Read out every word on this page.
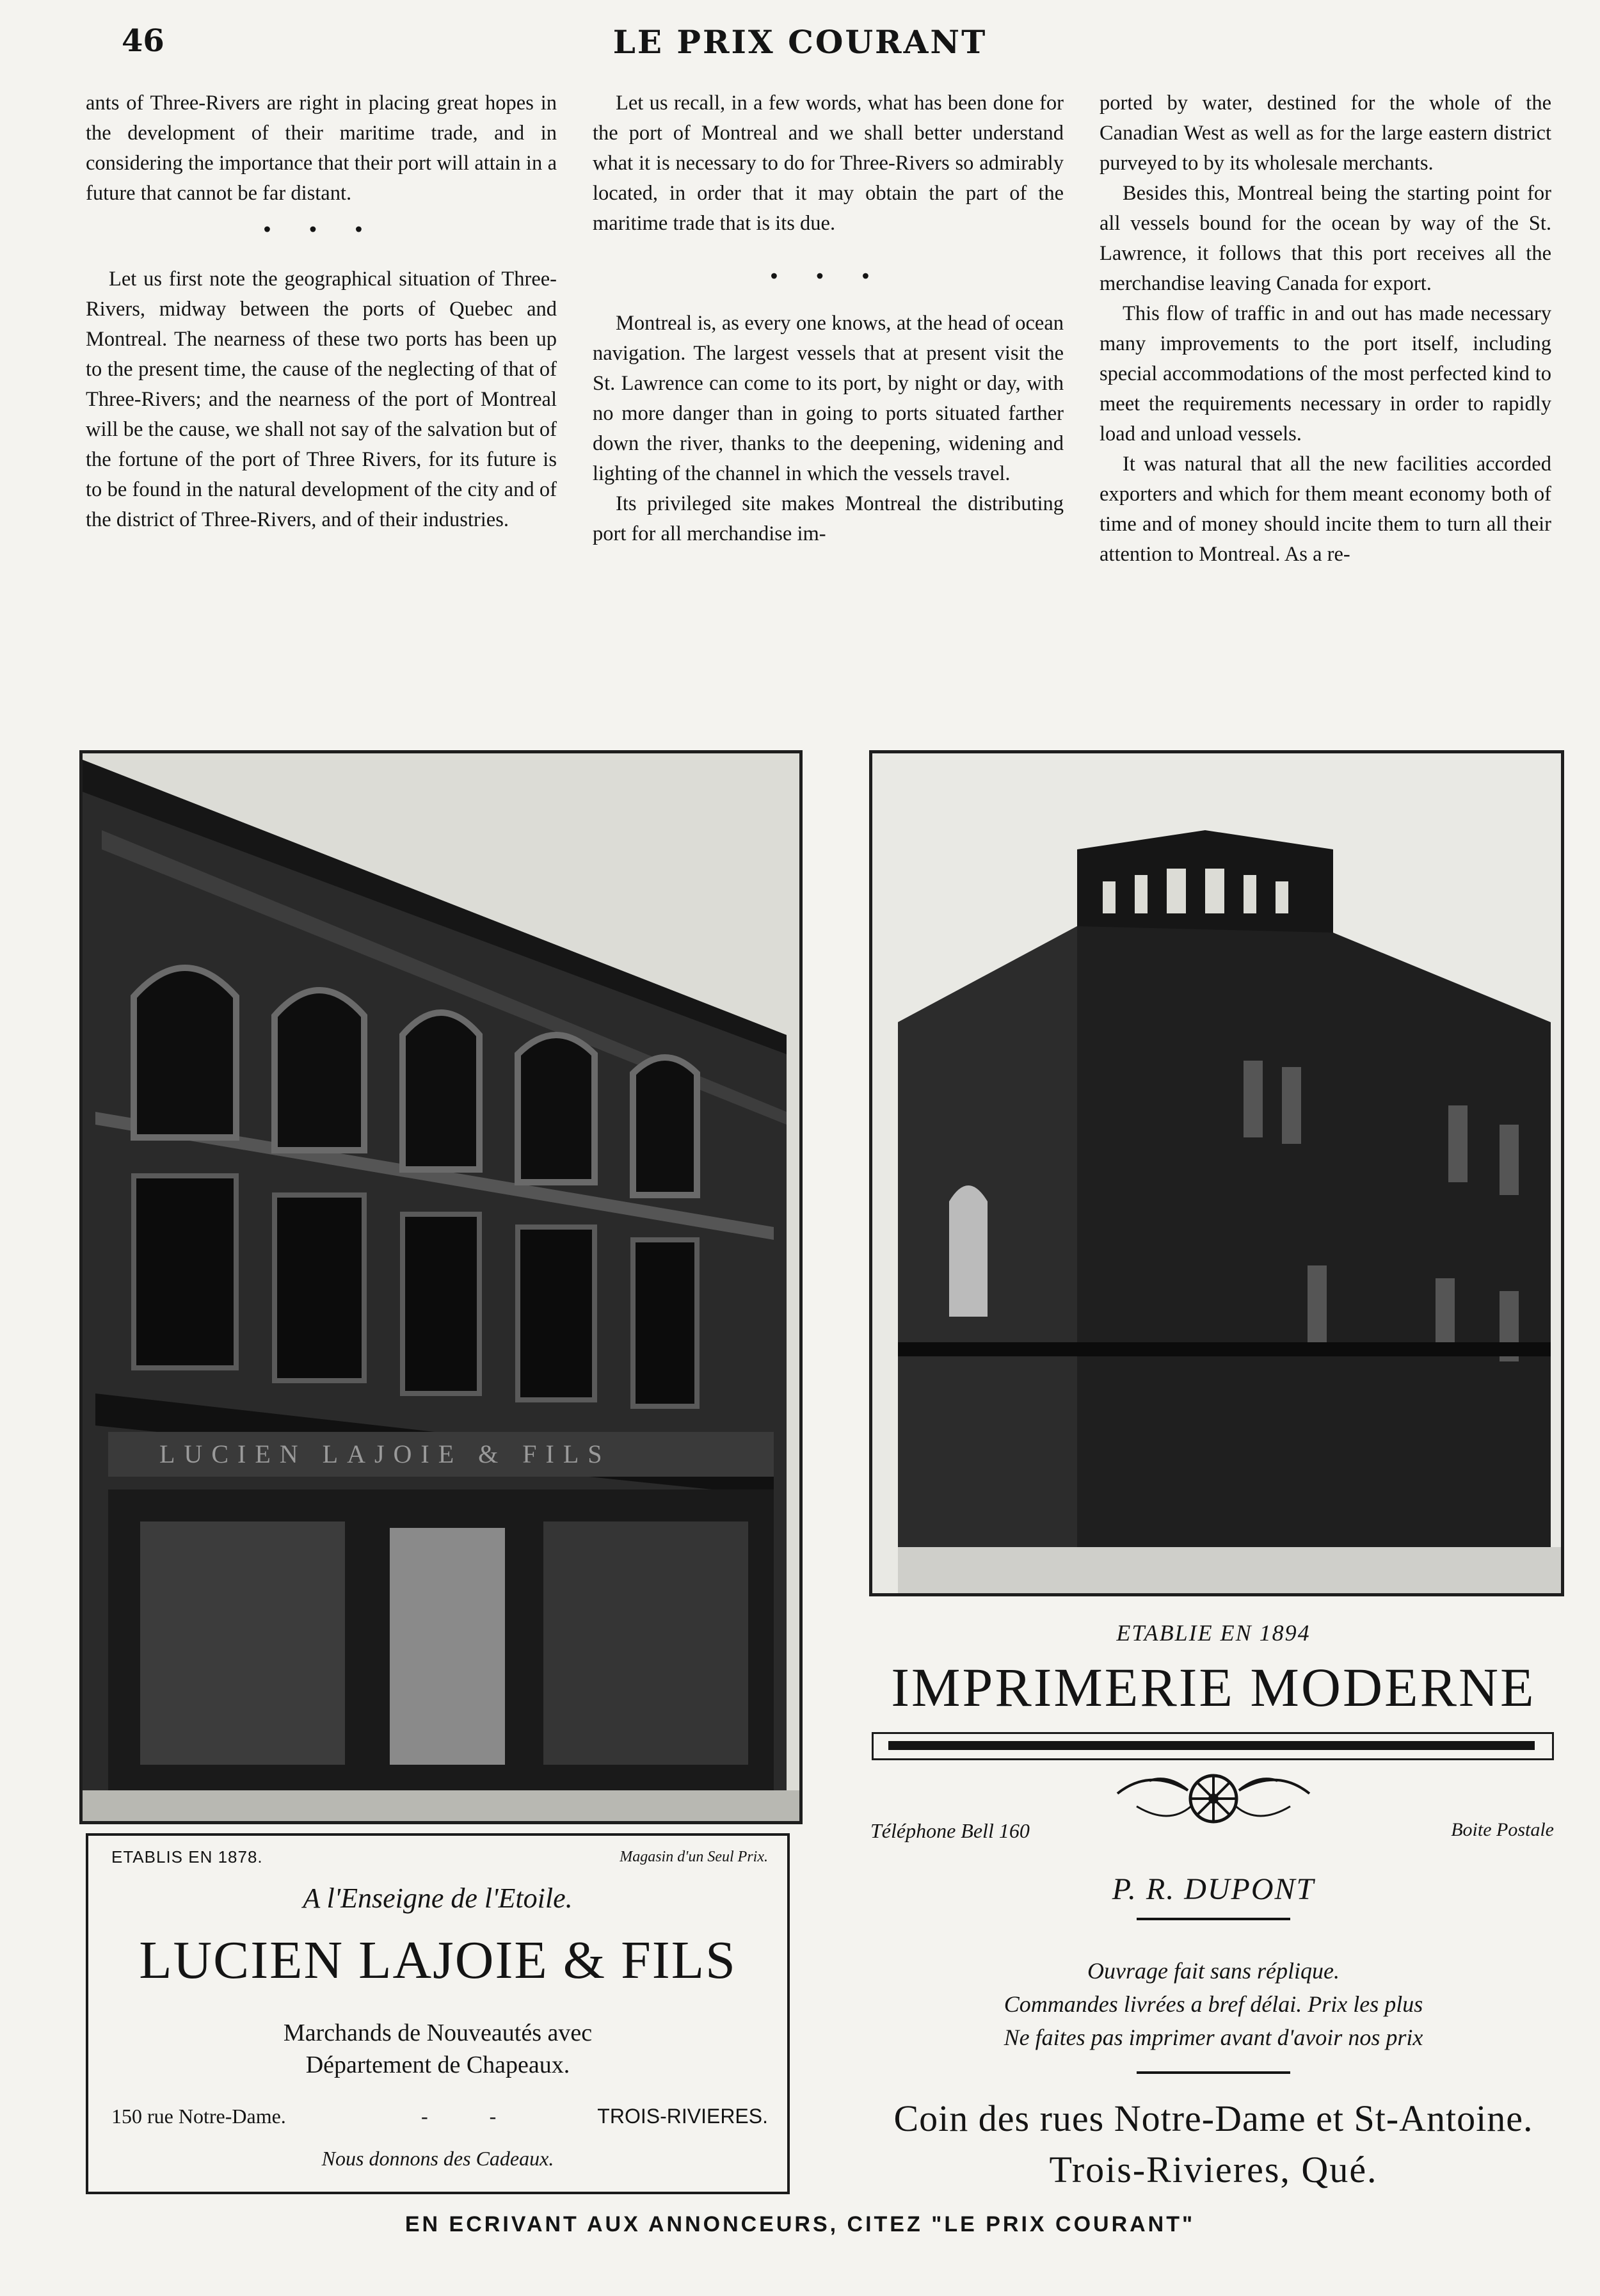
46	LE PRIX COURANT

ants of Three-Rivers are right in placing great hopes in the development of their maritime trade, and in considering the importance that their port will attain in a future that cannot be far distant.

• • •

Let us first note the geographical situation of Three-Rivers, midway between the ports of Quebec and Montreal. The nearness of these two ports has been up to the present time, the cause of the neglecting of that of Three-Rivers; and the nearness of the port of Montreal will be the cause, we shall not say of the salvation but of the fortune of the port of Three Rivers, for its future is to be found in the natural development of the city and of the district of Three-Rivers, and of their industries.

Let us recall, in a few words, what has been done for the port of Montreal and we shall better understand what it is necessary to do for Three-Rivers so admirably located, in order that it may obtain the part of the maritime trade that is its due.

• • •

Montreal is, as every one knows, at the head of ocean navigation. The largest vessels that at present visit the St. Lawrence can come to its port, by night or day, with no more danger than in going to ports situated farther down the river, thanks to the deepening, widening and lighting of the channel in which the vessels travel.

Its privileged site makes Montreal the distributing port for all merchandise im-

ported by water, destined for the whole of the Canadian West as well as for the large eastern district purveyed to by its wholesale merchants.

Besides this, Montreal being the starting point for all vessels bound for the ocean by way of the St. Lawrence, it follows that this port receives all the merchandise leaving Canada for export.

This flow of traffic in and out has made necessary many improvements to the port itself, including special accommodations of the most perfected kind to meet the requirements necessary in order to rapidly load and unload vessels.

It was natural that all the new facilities accorded exporters and which for them meant economy both of time and of money should incite them to turn all their attention to Montreal. As a re-

LUCIEN LAJOIE & FILS
ETABLIS EN 1878.	Magasin d'un Seul Prix.
A l'Enseigne de l'Etoile.
LUCIEN LAJOIE & FILS
Marchands de Nouveautés avec
Département de Chapeaux.
150 rue Notre-Dame.	- -	TROIS-RIVIERES.
Nous donnons des Cadeaux.
ETABLIE EN 1894
IMPRIMERIE MODERNE
Téléphone Bell 160	Boite Postale
P. R. DUPONT
Ouvrage fait sans réplique.
Commandes livrées a bref délai. Prix les plus
Ne faites pas imprimer avant d'avoir nos prix
Coin des rues Notre-Dame et St-Antoine.
Trois-Rivieres, Qué.
EN ECRIVANT AUX ANNONCEURS, CITEZ "LE PRIX COURANT"
